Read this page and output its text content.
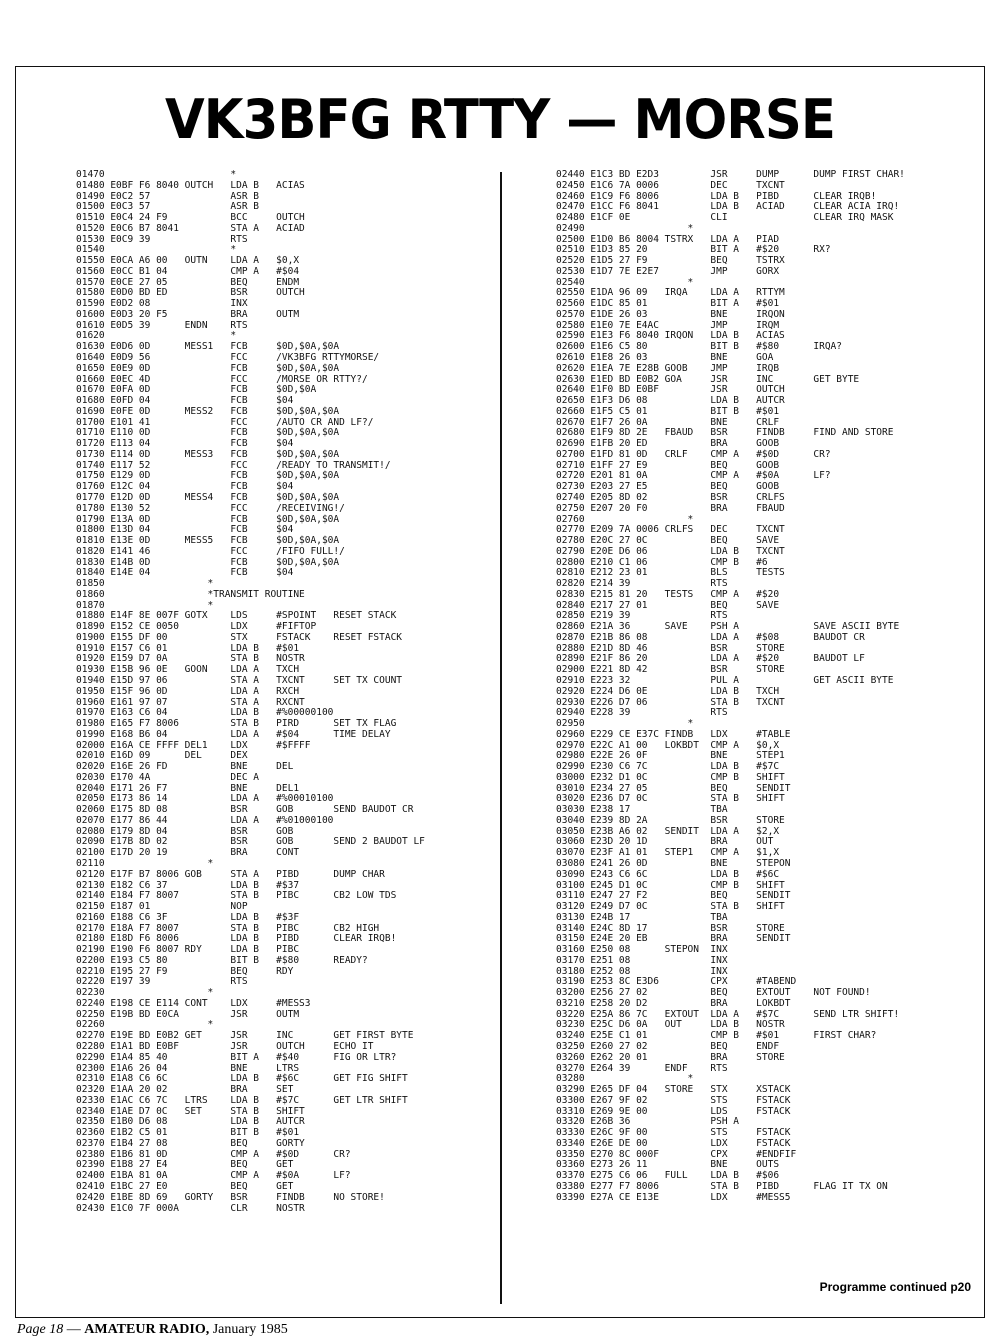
VK3BFG RTTY — MORSE
01470                      *
01480 E0BF F6 8040 OUTCH   LDA B   ACIAS
01490 E0C2 57              ASR B
01500 E0C3 57              ASR B
01510 E0C4 24 F9           BCC     OUTCH
01520 E0C6 B7 8041         STA A   ACIAD
01530 E0C9 39              RTS
01540                      *
01550 E0CA A6 00   OUTN    LDA A   $0,X
01560 E0CC B1 04           CMP A   #$04
01570 E0CE 27 05           BEQ     ENDM
01580 E0D0 BD ED           BSR     OUTCH
01590 E0D2 08              INX
01600 E0D3 20 F5           BRA     OUTM
01610 E0D5 39      ENDN    RTS
01620                      *
01630 E0D6 0D      MESS1   FCB     $0D,$0A,$0A
01640 E0D9 56              FCC     /VK3BFG RTTYMORSE/
01650 E0E9 0D              FCB     $0D,$0A,$0A
01660 E0EC 4D              FCC     /MORSE OR RTTY?/
01670 E0FA 0D              FCB     $0D,$0A
01680 E0FD 04              FCB     $04
01690 E0FE 0D      MESS2   FCB     $0D,$0A,$0A
01700 E101 41              FCC     /AUTO CR AND LF?/
01710 E110 0D              FCB     $0D,$0A,$0A
01720 E113 04              FCB     $04
01730 E114 0D      MESS3   FCB     $0D,$0A,$0A
01740 E117 52              FCC     /READY TO TRANSMIT!/
01750 E129 0D              FCB     $0D,$0A,$0A
01760 E12C 04              FCB     $04
01770 E12D 0D      MESS4   FCB     $0D,$0A,$0A
01780 E130 52              FCC     /RECEIVING!/
01790 E13A 0D              FCB     $0D,$0A,$0A
01800 E13D 04              FCB     $04
01810 E13E 0D      MESS5   FCB     $0D,$0A,$0A
01820 E141 46              FCC     /FIFO FULL!/
01830 E14B 0D              FCB     $0D,$0A,$0A
01840 E14E 04              FCB     $04
01850                  *
01860                  *TRANSMIT ROUTINE
01870                  *
01880 E14F 8E 007F GOTX    LDS     #SPOINT   RESET STACK
01890 E152 CE 0050         LDX     #FIFTOP
01900 E155 DF 00           STX     FSTACK    RESET FSTACK
01910 E157 C6 01           LDA B   #$01
01920 E159 D7 0A           STA B   NOSTR
01930 E15B 96 0E   GOON    LDA A   TXCH
01940 E15D 97 06           STA A   TXCNT     SET TX COUNT
01950 E15F 96 0D           LDA A   RXCH
01960 E161 97 07           STA A   RXCNT
01970 E163 C6 04           LDA B   #%00000100
01980 E165 F7 8006         STA B   PIRD      SET TX FLAG
01990 E168 B6 04           LDA A   #$04      TIME DELAY
02000 E16A CE FFFF DEL1    LDX     #$FFFF
02010 E16D 09      DEL     DEX
02020 E16E 26 FD           BNE     DEL
02030 E170 4A              DEC A
02040 E171 26 F7           BNE     DEL1
02050 E173 86 14           LDA A   #%00010100
02060 E175 8D 08           BSR     GOB       SEND BAUDOT CR
02070 E177 86 44           LDA A   #%01000100
02080 E179 8D 04           BSR     GOB
02090 E17B 8D 02           BSR     GOB       SEND 2 BAUDOT LF
02100 E17D 20 19           BRA     CONT
02110                  *
02120 E17F B7 8006 GOB     STA A   PIBD      DUMP CHAR
02130 E182 C6 37           LDA B   #$37
02140 E184 F7 8007         STA B   PIBC      CB2 LOW TDS
02150 E187 01              NOP
02160 E188 C6 3F           LDA B   #$3F
02170 E18A F7 8007         STA B   PIBC      CB2 HIGH
02180 E18D F6 8006         LDA B   PIBD      CLEAR IRQB!
02190 E190 F6 8007 RDY     LDA B   PIBC
02200 E193 C5 80           BIT B   #$80      READY?
02210 E195 27 F9           BEQ     RDY
02220 E197 39              RTS
02230                  *
02240 E198 CE E114 CONT    LDX     #MESS3
02250 E19B BD E0CA         JSR     OUTM
02260                  *
02270 E19E BD E0B2 GET     JSR     INC       GET FIRST BYTE
02280 E1A1 BD E0BF         JSR     OUTCH     ECHO IT
02290 E1A4 85 40           BIT A   #$40      FIG OR LTR?
02300 E1A6 26 04           BNE     LTRS
02310 E1A8 C6 6C           LDA B   #$6C      GET FIG SHIFT
02320 E1AA 20 02           BRA     SET
02330 E1AC C6 7C   LTRS    LDA B   #$7C      GET LTR SHIFT
02340 E1AE D7 0C   SET     STA B   SHIFT
02350 E1B0 D6 08           LDA B   AUTCR
02360 E1B2 C5 01           BIT B   #$01
02370 E1B4 27 08           BEQ     GORTY
02380 E1B6 81 0D           CMP A   #$0D      CR?
02390 E1B8 27 E4           BEQ     GET
02400 E1BA 81 0A           CMP A   #$0A      LF?
02410 E1BC 27 E0           BEQ     GET
02420 E1BE 8D 69   GORTY   BSR     FINDB     NO STORE!
02430 E1C0 7F 000A         CLR     NOSTR
02440 E1C3 BD E2D3         JSR     DUMP      DUMP FIRST CHAR!
02450 E1C6 7A 0006         DEC     TXCNT
02460 E1C9 F6 8006         LDA B   PIBD      CLEAR IRQB!
02470 E1CC F6 8041         LDA B   ACIAD     CLEAR ACIA IRQ!
02480 E1CF 0E              CLI               CLEAR IRQ MASK
02490                  *
02500 E1D0 B6 8004 TSTRX   LDA A   PIAD
02510 E1D3 85 20           BIT A   #$20      RX?
02520 E1D5 27 F9           BEQ     TSTRX
02530 E1D7 7E E2E7         JMP     GORX
02540                  *
02550 E1DA 96 09   IRQA    LDA A   RTTYM
02560 E1DC 85 01           BIT A   #$01
02570 E1DE 26 03           BNE     IRQON
02580 E1E0 7E E4AC         JMP     IRQM
02590 E1E3 F6 8040 IRQON   LDA B   ACIAS
02600 E1E6 C5 80           BIT B   #$80      IRQA?
02610 E1E8 26 03           BNE     GOA
02620 E1EA 7E E28B GOOB    JMP     IRQB
02630 E1ED BD E0B2 GOA     JSR     INC       GET BYTE
02640 E1F0 BD E0BF         JSR     OUTCH
02650 E1F3 D6 08           LDA B   AUTCR
02660 E1F5 C5 01           BIT B   #$01
02670 E1F7 26 0A           BNE     CRLF
02680 E1F9 8D 2E   FBAUD   BSR     FINDB     FIND AND STORE
02690 E1FB 20 ED           BRA     GOOB
02700 E1FD 81 0D   CRLF    CMP A   #$0D      CR?
02710 E1FF 27 E9           BEQ     GOOB
02720 E201 81 0A           CMP A   #$0A      LF?
02730 E203 27 E5           BEQ     GOOB
02740 E205 8D 02           BSR     CRLFS
02750 E207 20 F0           BRA     FBAUD
02760                  *
02770 E209 7A 0006 CRLFS   DEC     TXCNT
02780 E20C 27 0C           BEQ     SAVE
02790 E20E D6 06           LDA B   TXCNT
02800 E210 C1 06           CMP B   #6
02810 E212 23 01           BLS     TESTS
02820 E214 39              RTS
02830 E215 81 20   TESTS   CMP A   #$20
02840 E217 27 01           BEQ     SAVE
02850 E219 39              RTS
02860 E21A 36      SAVE    PSH A             SAVE ASCII BYTE
02870 E21B 86 08           LDA A   #$08      BAUDOT CR
02880 E21D 8D 46           BSR     STORE
02890 E21F 86 20           LDA A   #$20      BAUDOT LF
02900 E221 8D 42           BSR     STORE
02910 E223 32              PUL A             GET ASCII BYTE
02920 E224 D6 0E           LDA B   TXCH
02930 E226 D7 06           STA B   TXCNT
02940 E228 39              RTS
02950                  *
02960 E229 CE E37C FINDB   LDX     #TABLE
02970 E22C A1 00   LOKBDT  CMP A   $0,X
02980 E22E 26 0F           BNE     STEP1
02990 E230 C6 7C           LDA B   #$7C
03000 E232 D1 0C           CMP B   SHIFT
03010 E234 27 05           BEQ     SENDIT
03020 E236 D7 0C           STA B   SHIFT
03030 E238 17              TBA
03040 E239 8D 2A           BSR     STORE
03050 E23B A6 02   SENDIT  LDA A   $2,X
03060 E23D 20 1D           BRA     OUT
03070 E23F A1 01   STEP1   CMP A   $1,X
03080 E241 26 0D           BNE     STEPON
03090 E243 C6 6C           LDA B   #$6C
03100 E245 D1 0C           CMP B   SHIFT
03110 E247 27 F2           BEQ     SENDIT
03120 E249 D7 0C           STA B   SHIFT
03130 E24B 17              TBA
03140 E24C 8D 17           BSR     STORE
03150 E24E 20 EB           BRA     SENDIT
03160 E250 08      STEPON  INX
03170 E251 08              INX
03180 E252 08              INX
03190 E253 8C E3D6         CPX     #TABEND
03200 E256 27 02           BEQ     EXTOUT    NOT FOUND!
03210 E258 20 D2           BRA     LOKBDT
03220 E25A 86 7C   EXTOUT  LDA A   #$7C      SEND LTR SHIFT!
03230 E25C D6 0A   OUT     LDA B   NOSTR
03240 E25E C1 01           CMP B   #$01      FIRST CHAR?
03250 E260 27 02           BEQ     ENDF
03260 E262 20 01           BRA     STORE
03270 E264 39      ENDF    RTS
03280                  *
03290 E265 DF 04   STORE   STX     XSTACK
03300 E267 9F 02           STS     FSTACK
03310 E269 9E 00           LDS     FSTACK
03320 E26B 36              PSH A
03330 E26C 9F 00           STS     FSTACK
03340 E26E DE 00           LDX     FSTACK
03350 E270 8C 000F         CPX     #ENDFIF
03360 E273 26 11           BNE     OUTS
03370 E275 C6 06   FULL    LDA B   #$06
03380 E277 F7 8006         STA B   PIBD      FLAG IT TX ON
03390 E27A CE E13E         LDX     #MESS5
Programme continued p20
Page 18 — AMATEUR RADIO, January 1985
